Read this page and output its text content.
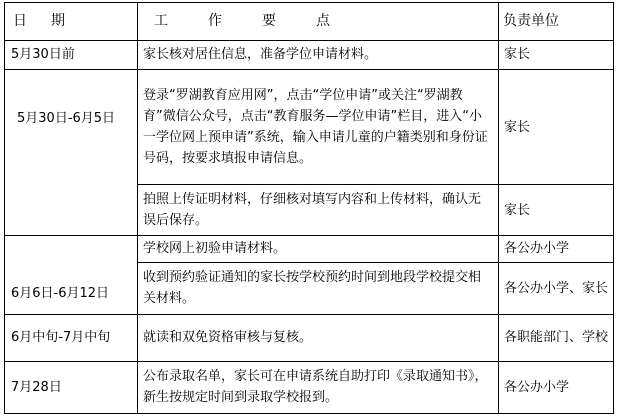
日期	工作要点	负责单位
5月30日前	家长核对居住信息，准备学位申请材料。	家长
5月30日-6月5日	登录“罗湖教育应用网”，点击“学位申请”或关注“罗湖教育”微信公众号，点击“教育服务—学位申请”栏目，进入“小一学位网上预申请”系统，输入申请儿童的户籍类别和身份证号码，按要求填报申请信息。	家长
	拍照上传证明材料，仔细核对填写内容和上传材料，确认无误后保存。	家长
6月6日-6月12日	学校网上初验申请材料。	各公办小学
	收到预约验证通知的家长按学校预约时间到地段学校提交相关材料。	各公办小学、家长
6月中旬-7月中旬	就读和双免资格审核与复核。	各职能部门、学校
7月28日	公布录取名单，家长可在申请系统自助打印《录取通知书》，新生按规定时间到录取学校报到。	各公办小学
